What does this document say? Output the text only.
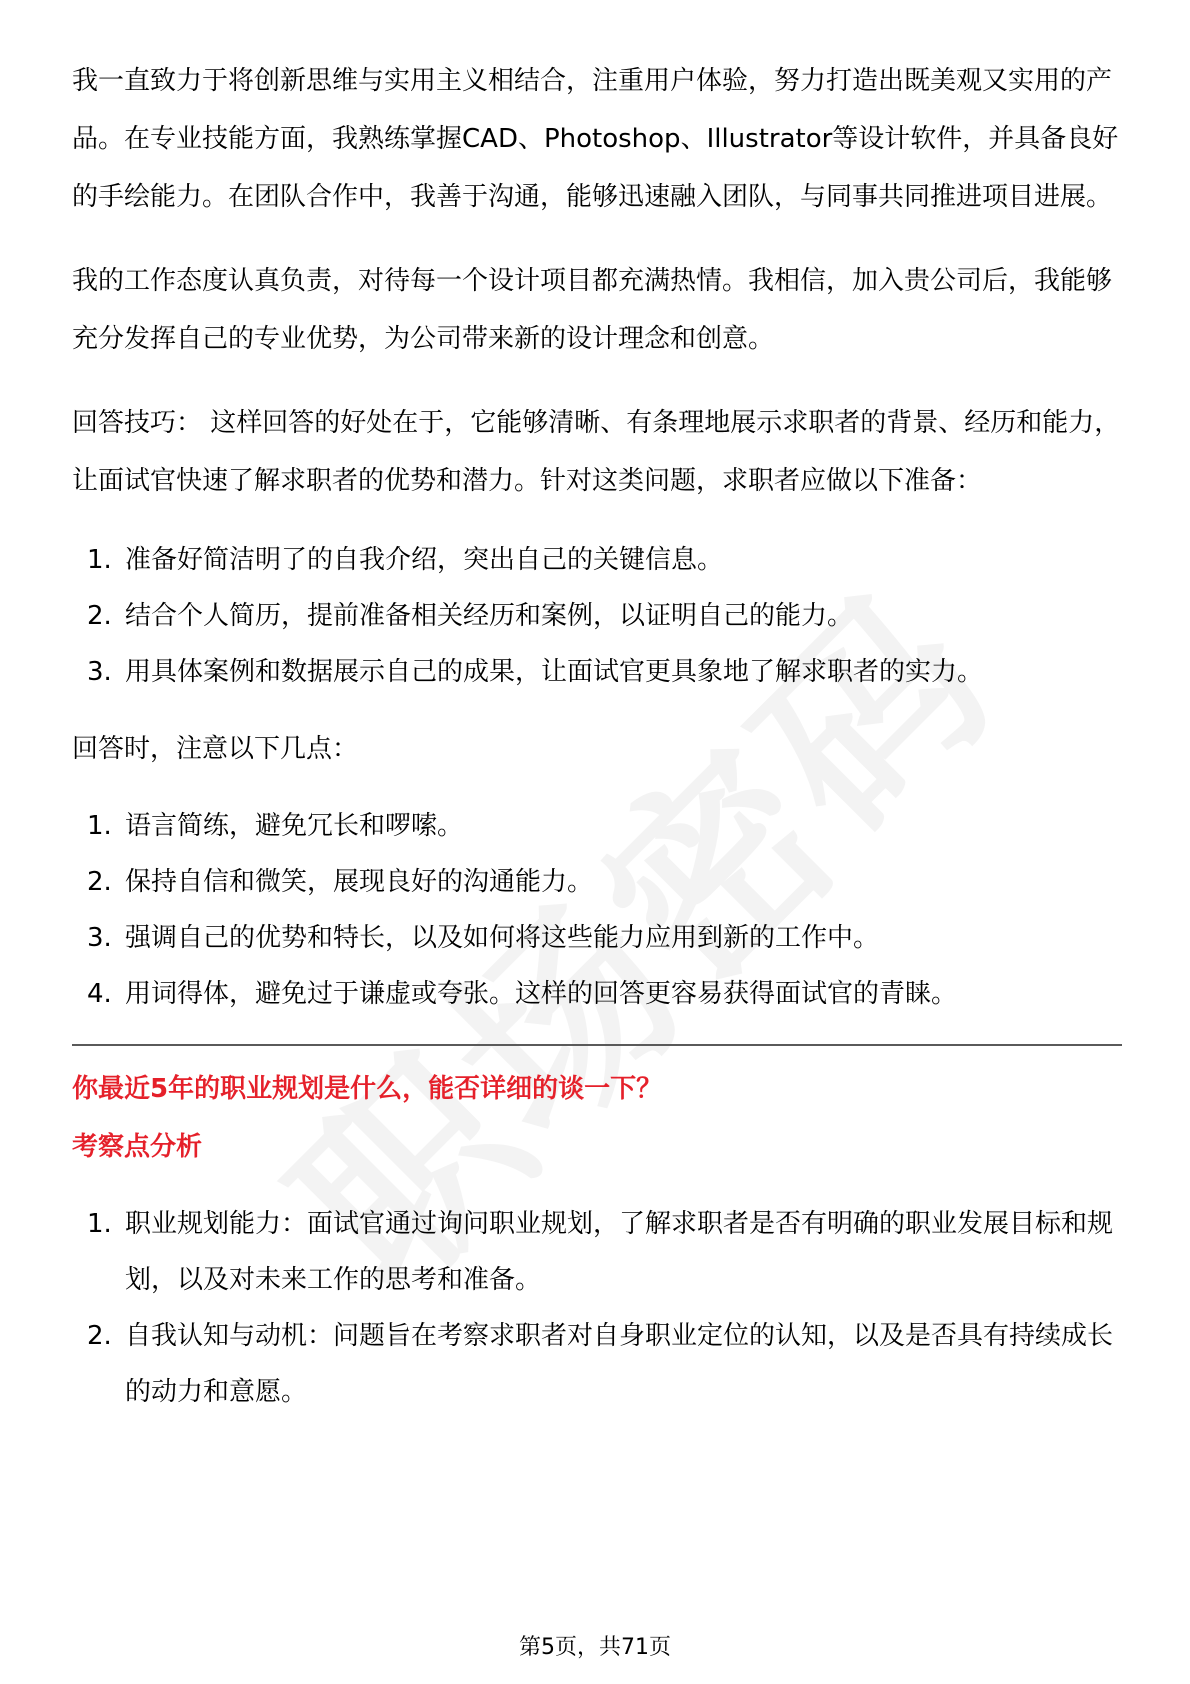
我一直致力于将创新思维与实用主义相结合，注重用户体验，努力打造出既美观又实用的产品。在专业技能方面，我熟练掌握CAD、Photoshop、Illustrator等设计软件，并具备良好的手绘能力。在团队合作中，我善于沟通，能够迅速融入团队，与同事共同推进项目进展。

我的工作态度认真负责，对待每一个设计项目都充满热情。我相信，加入贵公司后，我能够充分发挥自己的专业优势，为公司带来新的设计理念和创意。

回答技巧： 这样回答的好处在于，它能够清晰、有条理地展示求职者的背景、经历和能力，让面试官快速了解求职者的优势和潜力。针对这类问题，求职者应做以下准备：

1. 准备好简洁明了的自我介绍，突出自己的关键信息。
2. 结合个人简历，提前准备相关经历和案例，以证明自己的能力。
3. 用具体案例和数据展示自己的成果，让面试官更具象地了解求职者的实力。

回答时，注意以下几点：

1. 语言简练，避免冗长和啰嗦。
2. 保持自信和微笑，展现良好的沟通能力。
3. 强调自己的优势和特长，以及如何将这些能力应用到新的工作中。
4. 用词得体，避免过于谦虚或夸张。这样的回答更容易获得面试官的青睐。

你最近5年的职业规划是什么，能否详细的谈一下？

考察点分析

1. 职业规划能力：面试官通过询问职业规划，了解求职者是否有明确的职业发展目标和规划，以及对未来工作的思考和准备。
2. 自我认知与动机：问题旨在考察求职者对自身职业定位的认知，以及是否具有持续成长的动力和意愿。
第5页，共71页
